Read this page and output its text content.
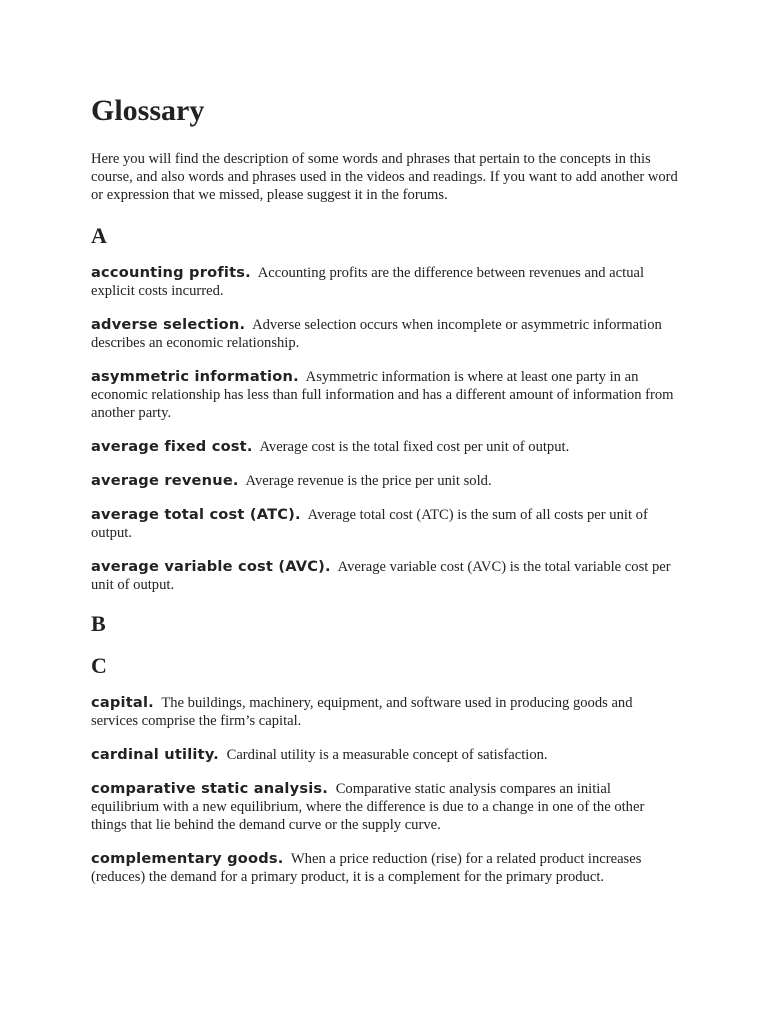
Glossary

Here you will find the description of some words and phrases that pertain to the concepts in this course, and also words and phrases used in the videos and readings. If you want to add another word or expression that we missed, please suggest it in the forums.

A

accounting profits. Accounting profits are the difference between revenues and actual explicit costs incurred.

adverse selection. Adverse selection occurs when incomplete or asymmetric information describes an economic relationship.

asymmetric information. Asymmetric information is where at least one party in an economic relationship has less than full information and has a different amount of information from another party.

average fixed cost. Average cost is the total fixed cost per unit of output.

average revenue. Average revenue is the price per unit sold.

average total cost (ATC). Average total cost (ATC) is the sum of all costs per unit of output.

average variable cost (AVC). Average variable cost (AVC) is the total variable cost per unit of output.

B
C

capital. The buildings, machinery, equipment, and software used in producing goods and services comprise the firm’s capital.

cardinal utility. Cardinal utility is a measurable concept of satisfaction.

comparative static analysis. Comparative static analysis compares an initial equilibrium with a new equilibrium, where the difference is due to a change in one of the other things that lie behind the demand curve or the supply curve.

complementary goods. When a price reduction (rise) for a related product increases (reduces) the demand for a primary product, it is a complement for the primary product.
